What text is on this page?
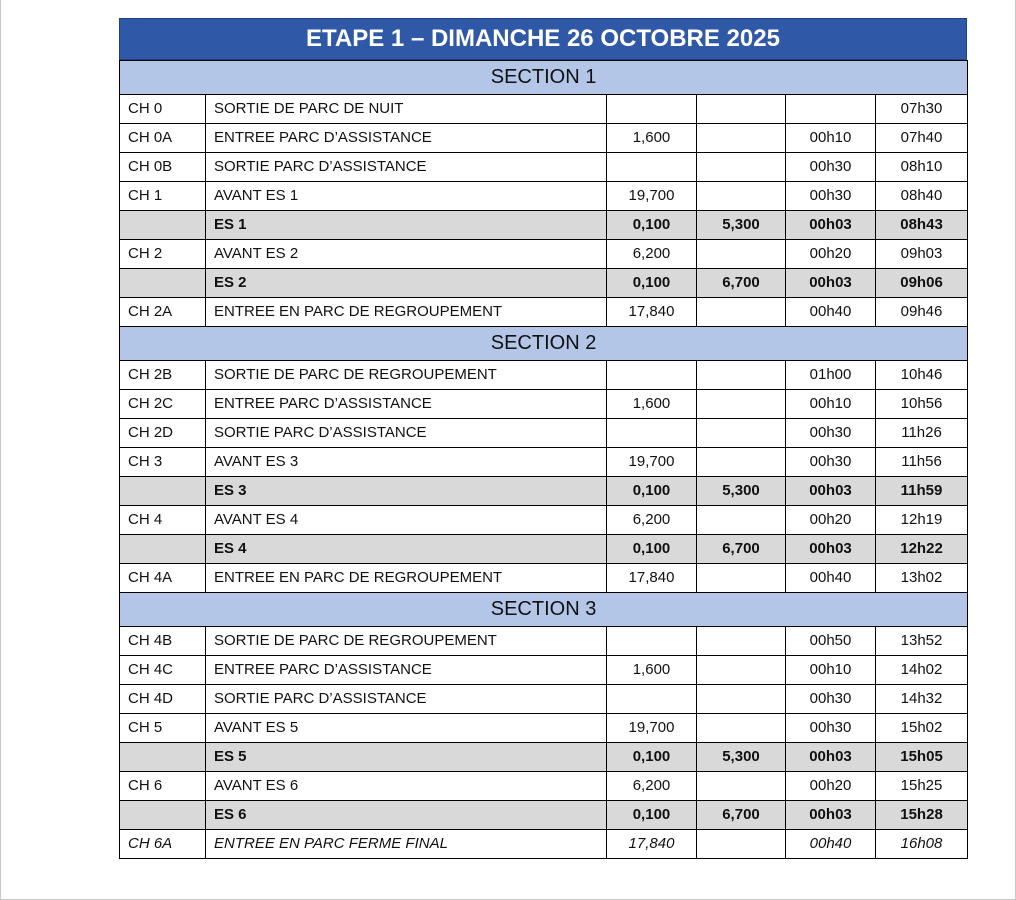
ETAPE 1 – DIMANCHE 26 OCTOBRE 2025
SECTION 1					
CH 0	SORTIE DE PARC DE NUIT				07h30
CH 0A	ENTREE PARC D’ASSISTANCE	1,600		00h10	07h40
CH 0B	SORTIE PARC D’ASSISTANCE			00h30	08h10
CH 1	AVANT ES 1	19,700		00h30	08h40
	ES 1	0,100	5,300	00h03	08h43
CH 2	AVANT ES 2	6,200		00h20	09h03
	ES 2	0,100	6,700	00h03	09h06
CH 2A	ENTREE EN PARC DE REGROUPEMENT	17,840		00h40	09h46
SECTION 2					
CH 2B	SORTIE DE PARC DE REGROUPEMENT			01h00	10h46
CH 2C	ENTREE PARC D’ASSISTANCE	1,600		00h10	10h56
CH 2D	SORTIE PARC D’ASSISTANCE			00h30	11h26
CH 3	AVANT ES 3	19,700		00h30	11h56
	ES 3	0,100	5,300	00h03	11h59
CH 4	AVANT ES 4	6,200		00h20	12h19
	ES 4	0,100	6,700	00h03	12h22
CH 4A	ENTREE EN PARC DE REGROUPEMENT	17,840		00h40	13h02
SECTION 3					
CH 4B	SORTIE DE PARC DE REGROUPEMENT			00h50	13h52
CH 4C	ENTREE PARC D’ASSISTANCE	1,600		00h10	14h02
CH 4D	SORTIE PARC D’ASSISTANCE			00h30	14h32
CH 5	AVANT ES 5	19,700		00h30	15h02
	ES 5	0,100	5,300	00h03	15h05
CH 6	AVANT ES 6	6,200		00h20	15h25
	ES 6	0,100	6,700	00h03	15h28
CH 6A	ENTREE EN PARC FERME FINAL	17,840		00h40	16h08
